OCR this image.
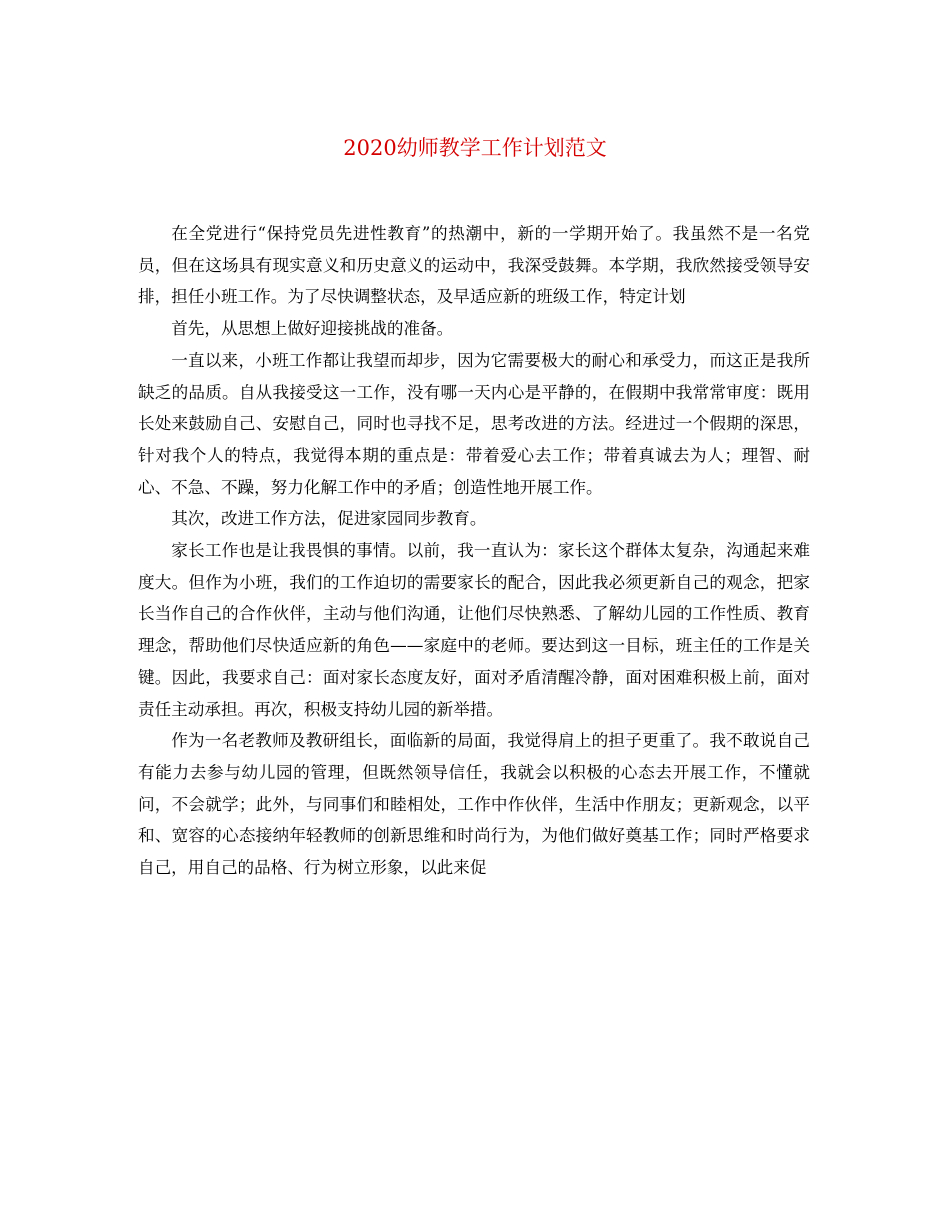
2020幼师教学工作计划范文

在全党进行“保持党员先进性教育”的热潮中，新的一学期开始了。我虽然不是一名党员，但在这场具有现实意义和历史意义的运动中，我深受鼓舞。本学期，我欣然接受领导安排，担任小班工作。为了尽快调整状态，及早适应新的班级工作，特定计划

首先，从思想上做好迎接挑战的准备。

一直以来，小班工作都让我望而却步，因为它需要极大的耐心和承受力，而这正是我所缺乏的品质。自从我接受这一工作，没有哪一天内心是平静的，在假期中我常常审度：既用长处来鼓励自己、安慰自己，同时也寻找不足，思考改进的方法。经进过一个假期的深思，针对我个人的特点，我觉得本期的重点是：带着爱心去工作；带着真诚去为人；理智、耐心、不急、不躁，努力化解工作中的矛盾；创造性地开展工作。

其次，改进工作方法，促进家园同步教育。

家长工作也是让我畏惧的事情。以前，我一直认为：家长这个群体太复杂，沟通起来难度大。但作为小班，我们的工作迫切的需要家长的配合，因此我必须更新自己的观念，把家长当作自己的合作伙伴，主动与他们沟通，让他们尽快熟悉、了解幼儿园的工作性质、教育理念，帮助他们尽快适应新的角色——家庭中的老师。要达到这一目标，班主任的工作是关键。因此，我要求自己：面对家长态度友好，面对矛盾清醒冷静，面对困难积极上前，面对责任主动承担。再次，积极支持幼儿园的新举措。

作为一名老教师及教研组长，面临新的局面，我觉得肩上的担子更重了。我不敢说自己有能力去参与幼儿园的管理，但既然领导信任，我就会以积极的心态去开展工作，不懂就问，不会就学；此外，与同事们和睦相处，工作中作伙伴，生活中作朋友；更新观念，以平和、宽容的心态接纳年轻教师的创新思维和时尚行为，为他们做好奠基工作；同时严格要求自己，用自己的品格、行为树立形象，以此来促
